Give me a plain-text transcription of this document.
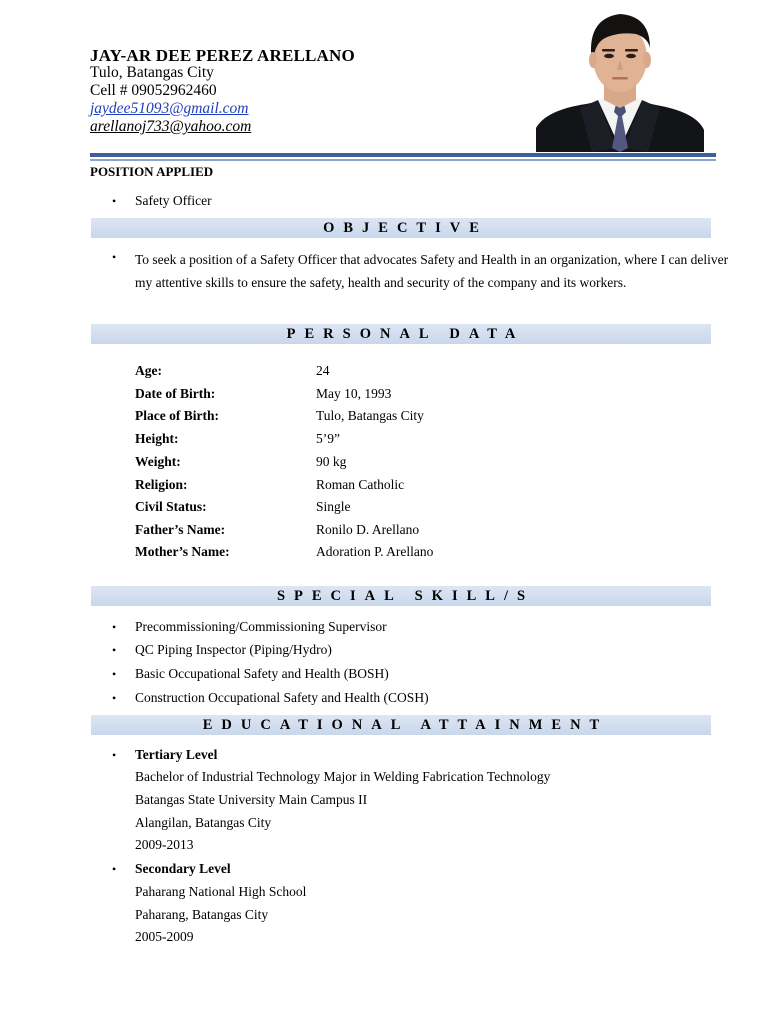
JAY-AR DEE PEREZ ARELLANO
Tulo, Batangas City
Cell # 09052962460
jaydee51093@gmail.com
arellanoj733@yahoo.com
POSITION APPLIED
• Safety Officer
OBJECTIVE
• To seek a position of a Safety Officer that advocates Safety and Health in an organization, where I can deliver my attentive skills to ensure the safety, health and security of the company and its workers.
PERSONAL DATA
Age:	24
Date of Birth:	May 10, 1993
Place of Birth:	Tulo, Batangas City
Height:	5’9”
Weight:	90 kg
Religion:	Roman Catholic
Civil Status:	Single
Father’s Name:	Ronilo D. Arellano
Mother’s Name:	Adoration P. Arellano
SPECIAL SKILL/S
• Precommissioning/Commissioning Supervisor
• QC Piping Inspector (Piping/Hydro)
• Basic Occupational Safety and Health (BOSH)
• Construction Occupational Safety and Health (COSH)
EDUCATIONAL ATTAINMENT
• Tertiary Level
Bachelor of Industrial Technology Major in Welding Fabrication Technology
Batangas State University Main Campus II
Alangilan, Batangas City
2009-2013
• Secondary Level
Paharang National High School
Paharang, Batangas City
2005-2009
